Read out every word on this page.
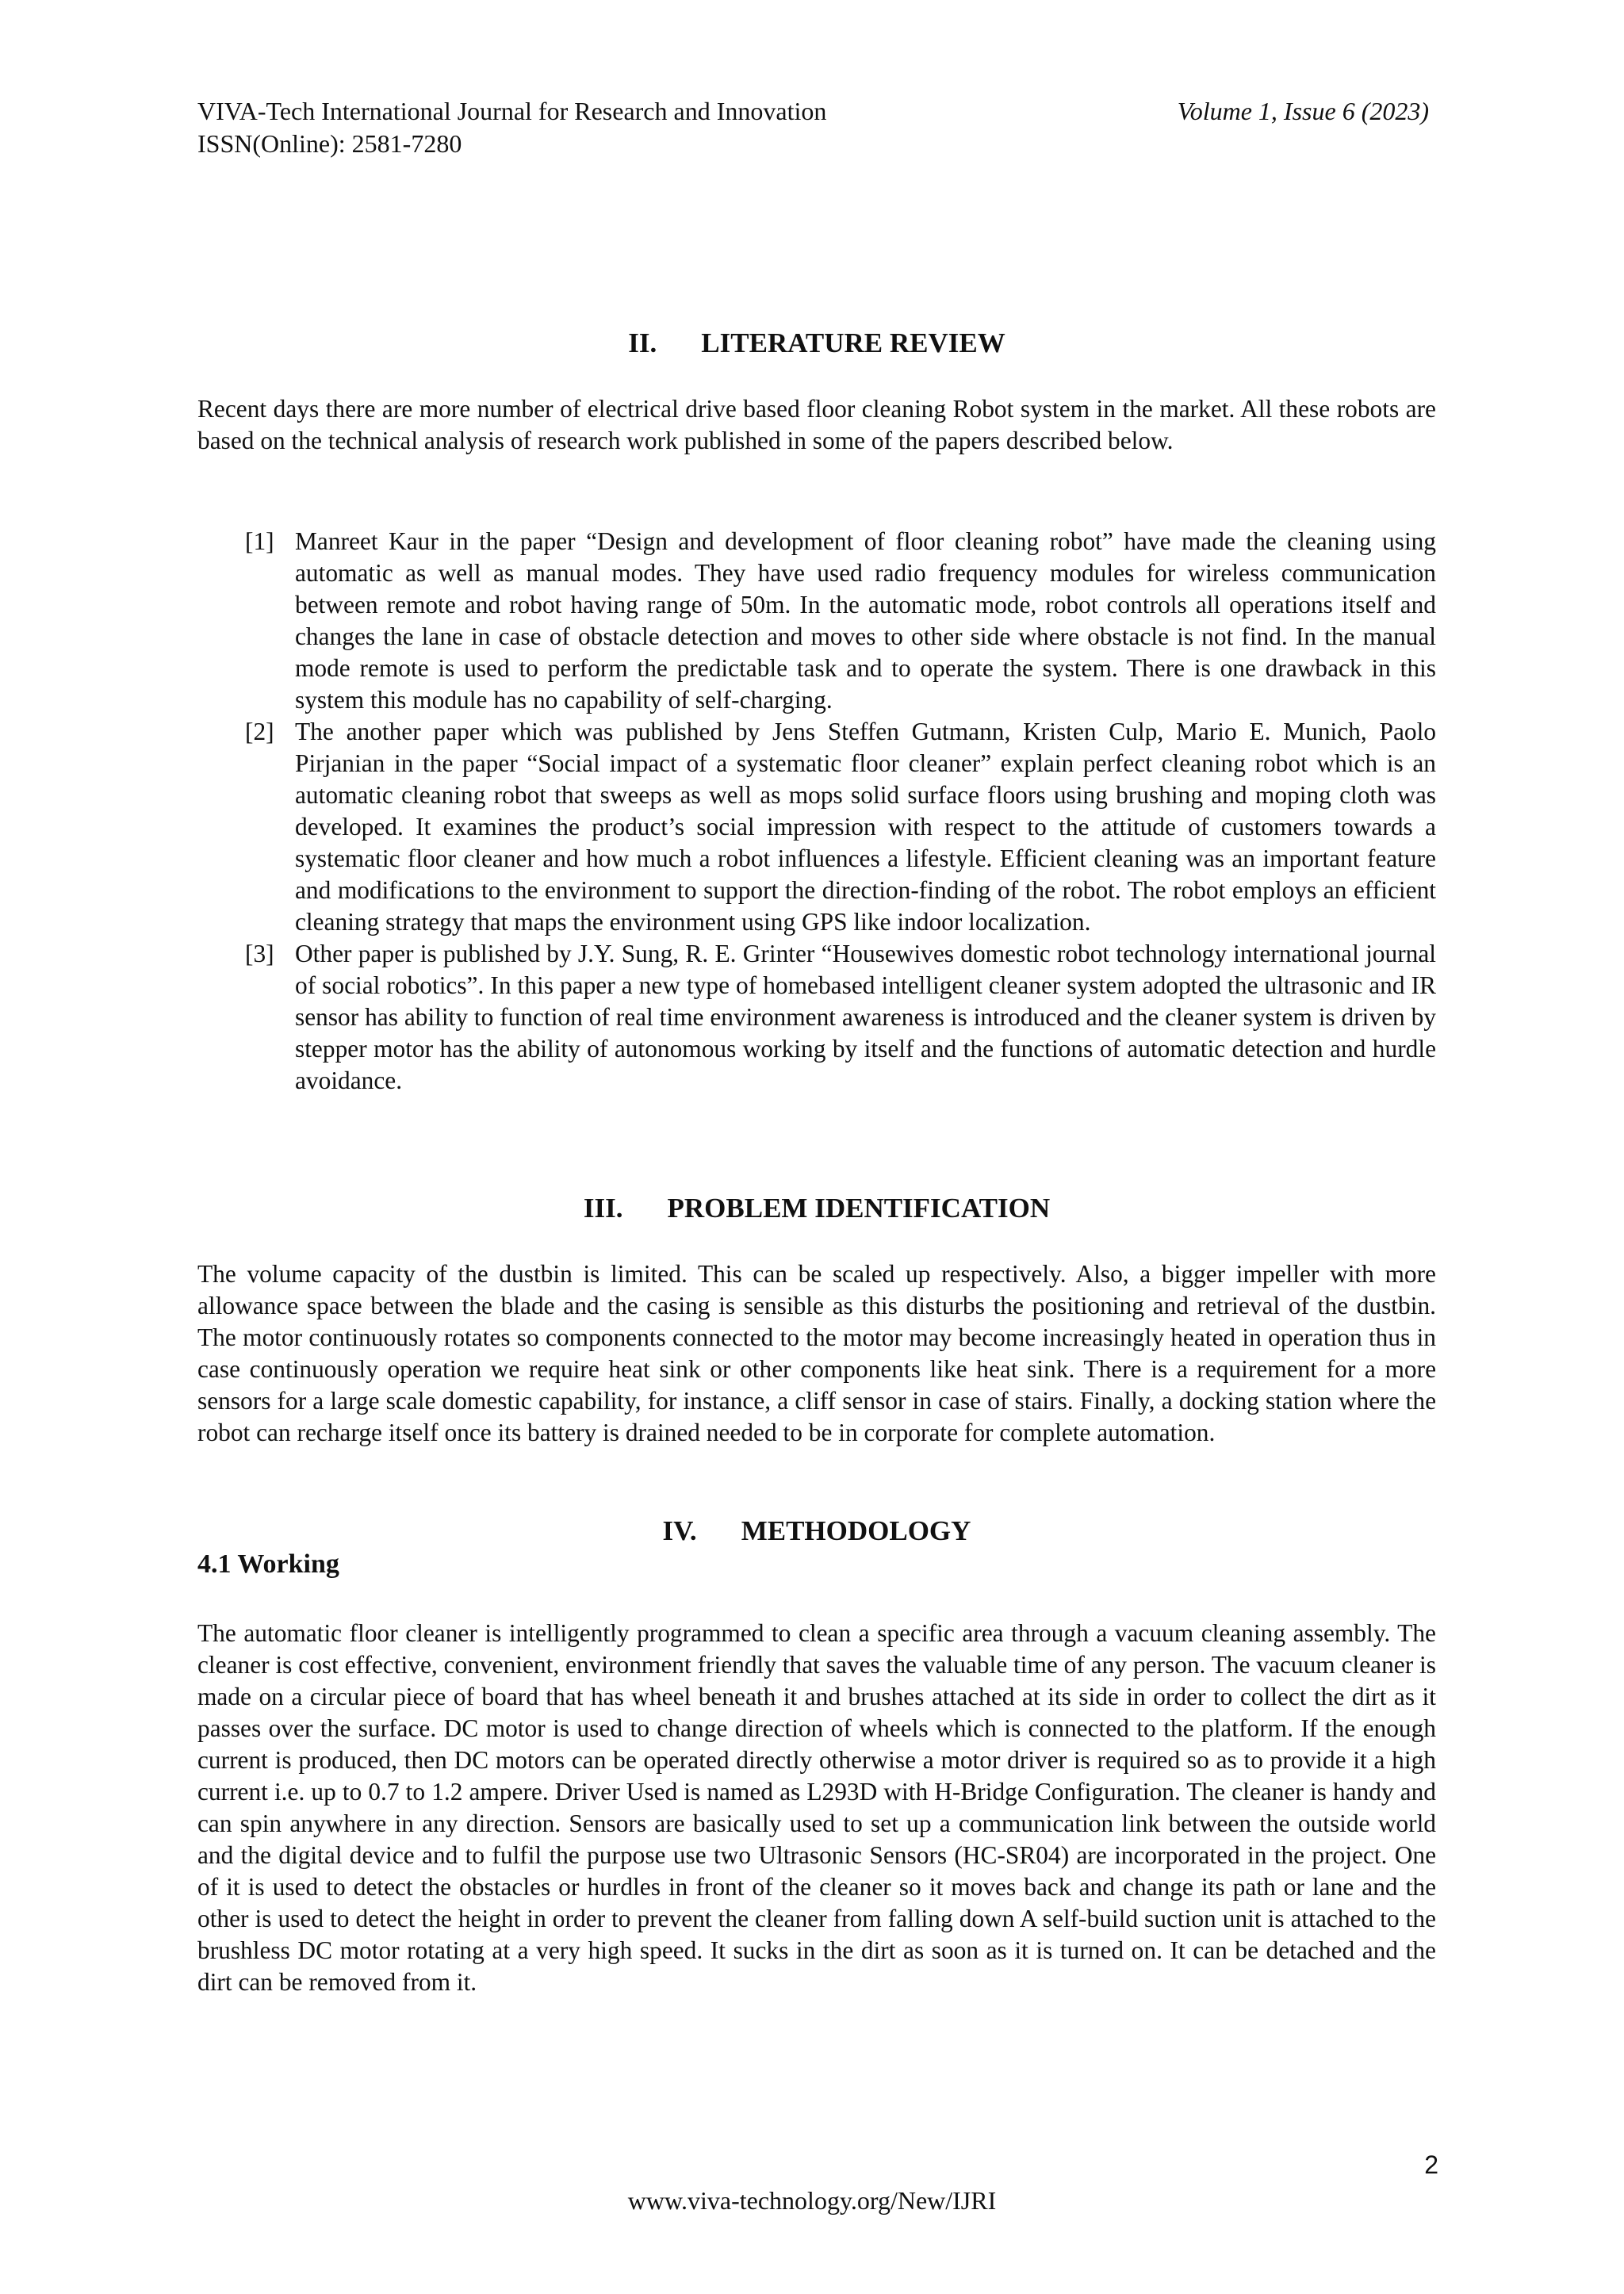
VIVA-Tech International Journal for Research and Innovation
ISSN(Online): 2581-7280
Volume 1, Issue 6 (2023)
II. LITERATURE REVIEW

Recent days there are more number of electrical drive based floor cleaning Robot system in the market. All these robots are based on the technical analysis of research work published in some of the papers described below.

[1] Manreet Kaur in the paper “Design and development of floor cleaning robot” have made the cleaning using automatic as well as manual modes. They have used radio frequency modules for wireless communication between remote and robot having range of 50m. In the automatic mode, robot controls all operations itself and changes the lane in case of obstacle detection and moves to other side where obstacle is not find. In the manual mode remote is used to perform the predictable task and to operate the system. There is one drawback in this system this module has no capability of self-charging.
[2] The another paper which was published by Jens Steffen Gutmann, Kristen Culp, Mario E. Munich, Paolo Pirjanian in the paper “Social impact of a systematic floor cleaner” explain perfect cleaning robot which is an automatic cleaning robot that sweeps as well as mops solid surface floors using brushing and moping cloth was developed. It examines the product’s social impression with respect to the attitude of customers towards a systematic floor cleaner and how much a robot influences a lifestyle. Efficient cleaning was an important feature and modifications to the environment to support the direction-finding of the robot. The robot employs an efficient cleaning strategy that maps the environment using GPS like indoor localization.
[3] Other paper is published by J.Y. Sung, R. E. Grinter “Housewives domestic robot technology international journal of social robotics”. In this paper a new type of homebased intelligent cleaner system adopted the ultrasonic and IR sensor has ability to function of real time environment awareness is introduced and the cleaner system is driven by stepper motor has the ability of autonomous working by itself and the functions of automatic detection and hurdle avoidance.
III. PROBLEM IDENTIFICATION

The volume capacity of the dustbin is limited. This can be scaled up respectively. Also, a bigger impeller with more allowance space between the blade and the casing is sensible as this disturbs the positioning and retrieval of the dustbin. The motor continuously rotates so components connected to the motor may become increasingly heated in operation thus in case continuously operation we require heat sink or other components like heat sink. There is a requirement for a more sensors for a large scale domestic capability, for instance, a cliff sensor in case of stairs. Finally, a docking station where the robot can recharge itself once its battery is drained needed to be in corporate for complete automation.

IV. METHODOLOGY
4.1 Working

The automatic floor cleaner is intelligently programmed to clean a specific area through a vacuum cleaning assembly. The cleaner is cost effective, convenient, environment friendly that saves the valuable time of any person. The vacuum cleaner is made on a circular piece of board that has wheel beneath it and brushes attached at its side in order to collect the dirt as it passes over the surface. DC motor is used to change direction of wheels which is connected to the platform. If the enough current is produced, then DC motors can be operated directly otherwise a motor driver is required so as to provide it a high current i.e. up to 0.7 to 1.2 ampere. Driver Used is named as L293D with H-Bridge Configuration. The cleaner is handy and can spin anywhere in any direction. Sensors are basically used to set up a communication link between the outside world and the digital device and to fulfil the purpose use two Ultrasonic Sensors (HC-SR04) are incorporated in the project. One of it is used to detect the obstacles or hurdles in front of the cleaner so it moves back and change its path or lane and the other is used to detect the height in order to prevent the cleaner from falling down A self-build suction unit is attached to the brushless DC motor rotating at a very high speed. It sucks in the dirt as soon as it is turned on. It can be detached and the dirt can be removed from it.

2
www.viva-technology.org/New/IJRI
